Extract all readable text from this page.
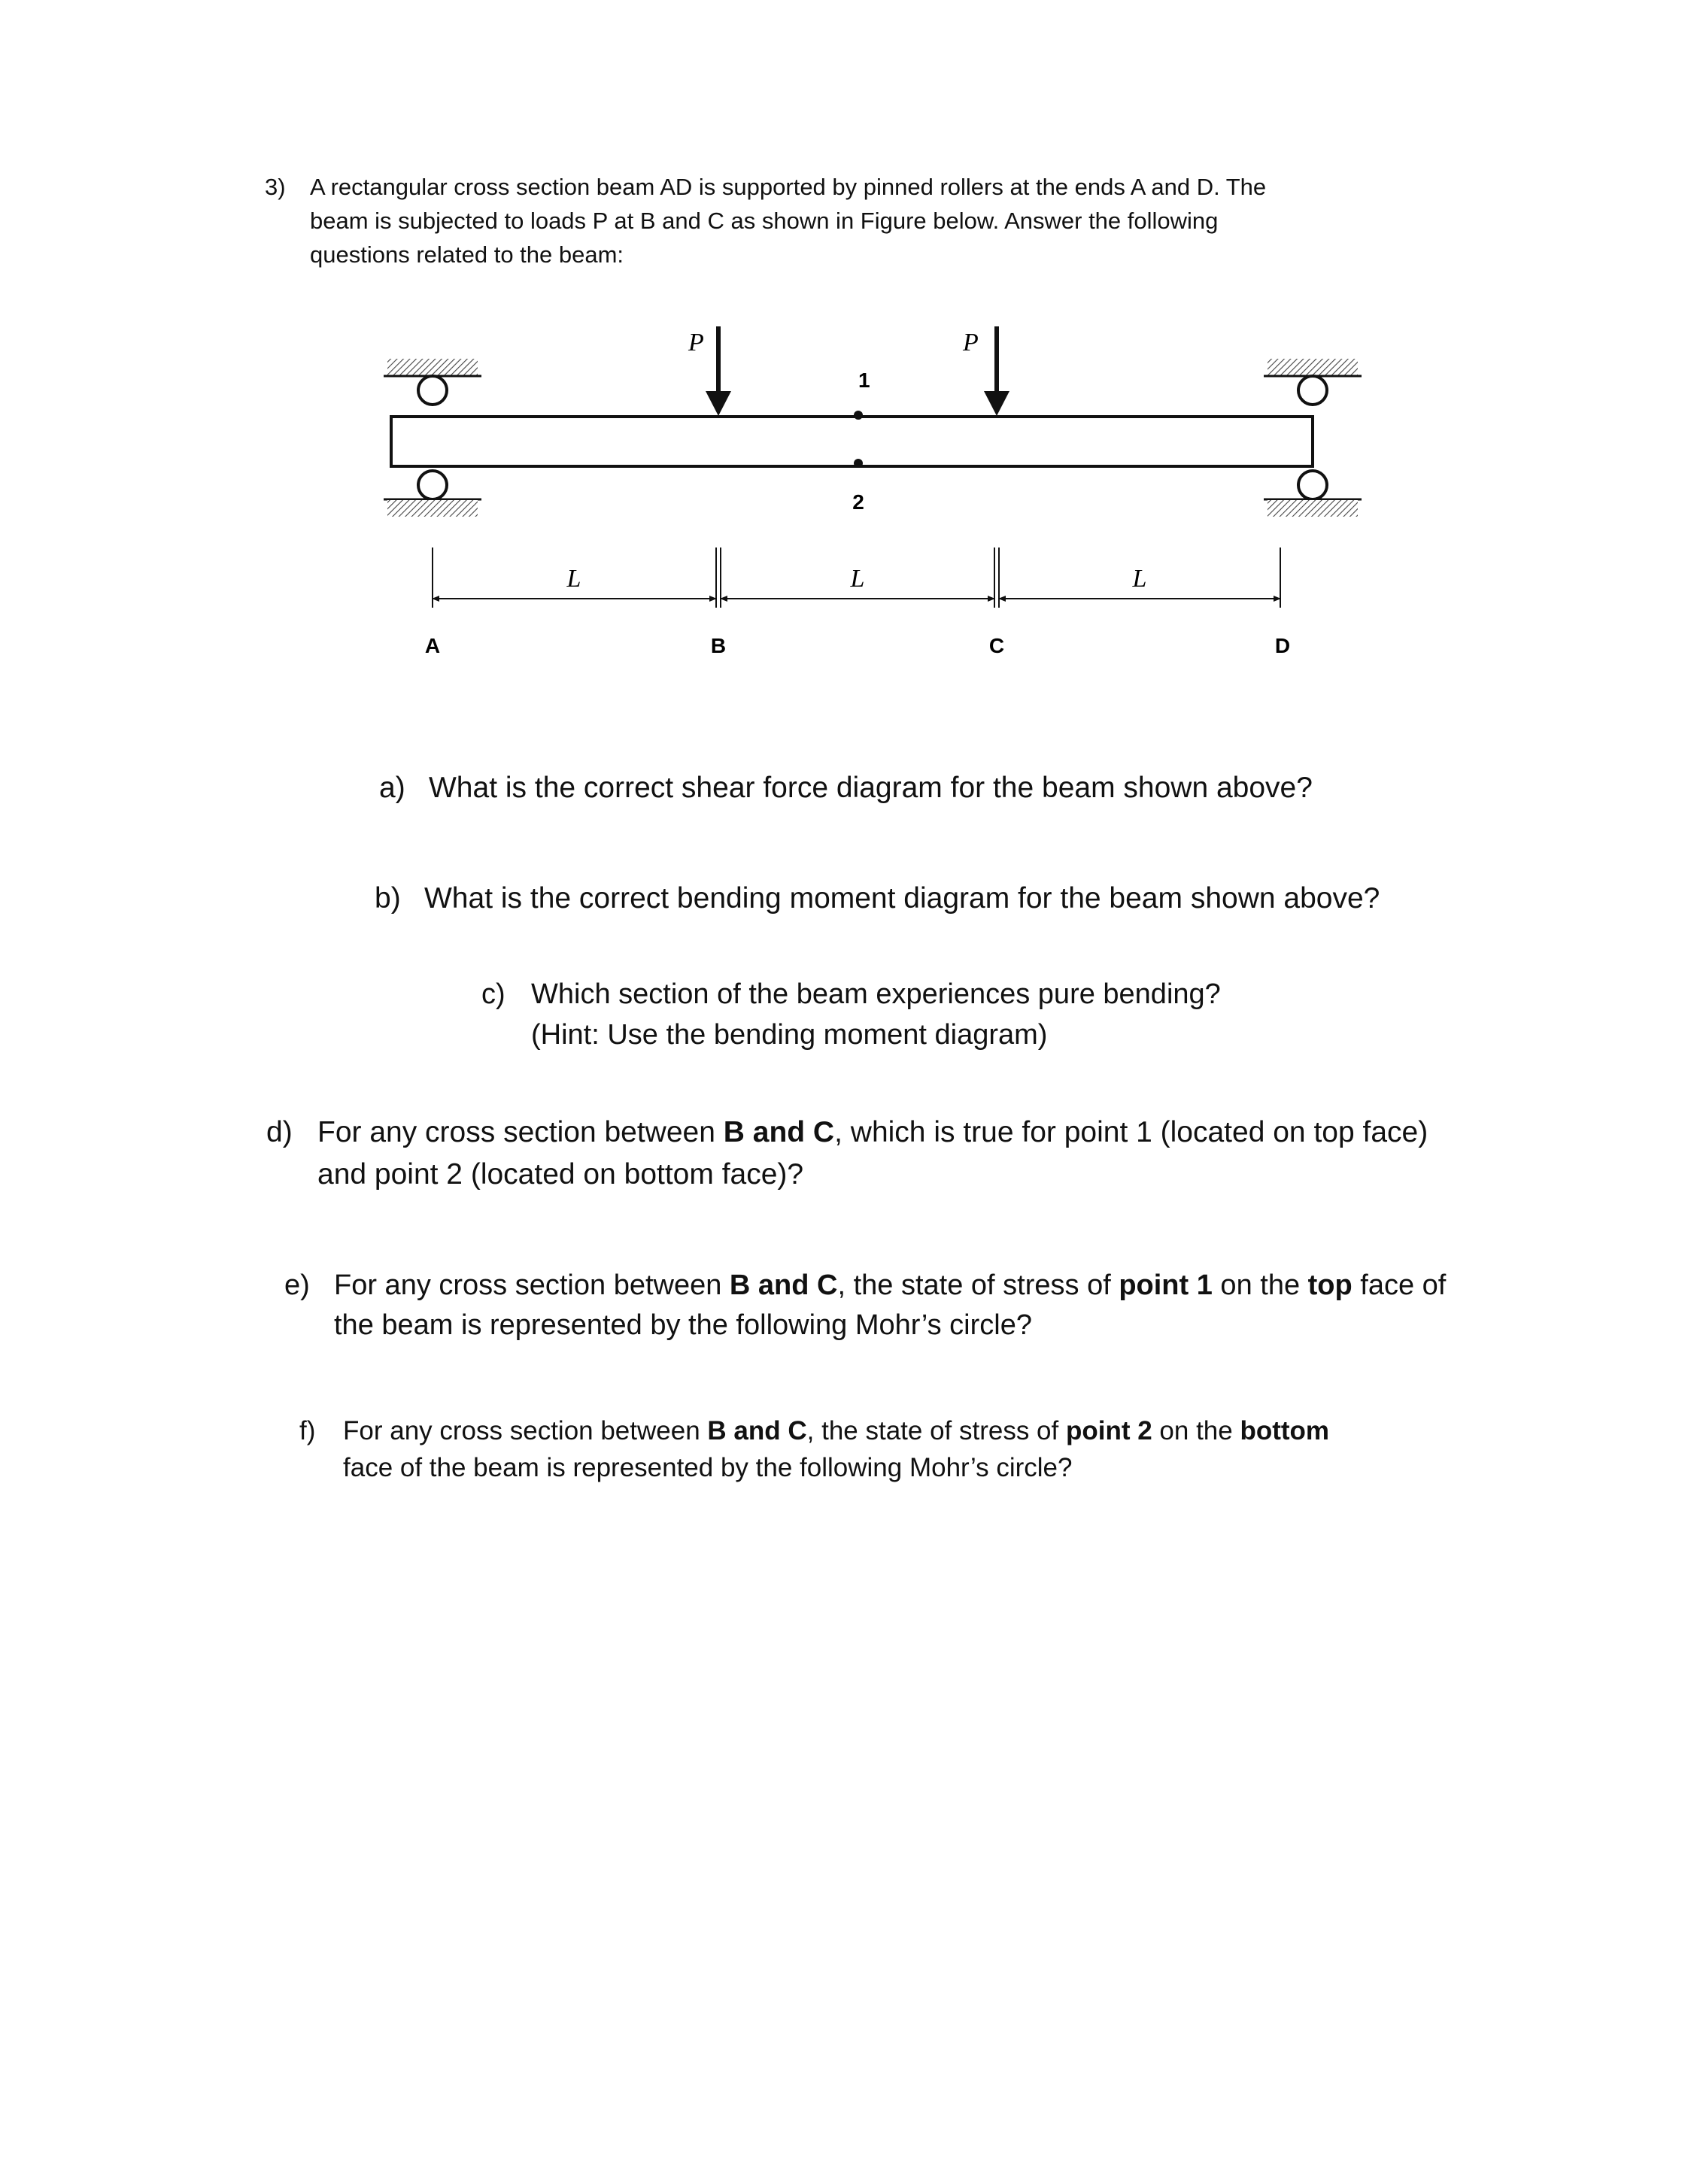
3) A rectangular cross section beam AD is supported by pinned rollers at the ends A and D. The
beam is subjected to loads P at B and C as shown in Figure below. Answer the following
questions related to the beam:
P	P
1
2
L	L	L
A	B	C	D
a) What is the correct shear force diagram for the beam shown above?
b) What is the correct bending moment diagram for the beam shown above?
c) Which section of the beam experiences pure bending?
(Hint: Use the bending moment diagram)
d) For any cross section between B and C, which is true for point 1 (located on top face)
and point 2 (located on bottom face)?
e) For any cross section between B and C, the state of stress of point 1 on the top face of
the beam is represented by the following Mohr’s circle?
f) For any cross section between B and C, the state of stress of point 2 on the bottom
face of the beam is represented by the following Mohr’s circle?
